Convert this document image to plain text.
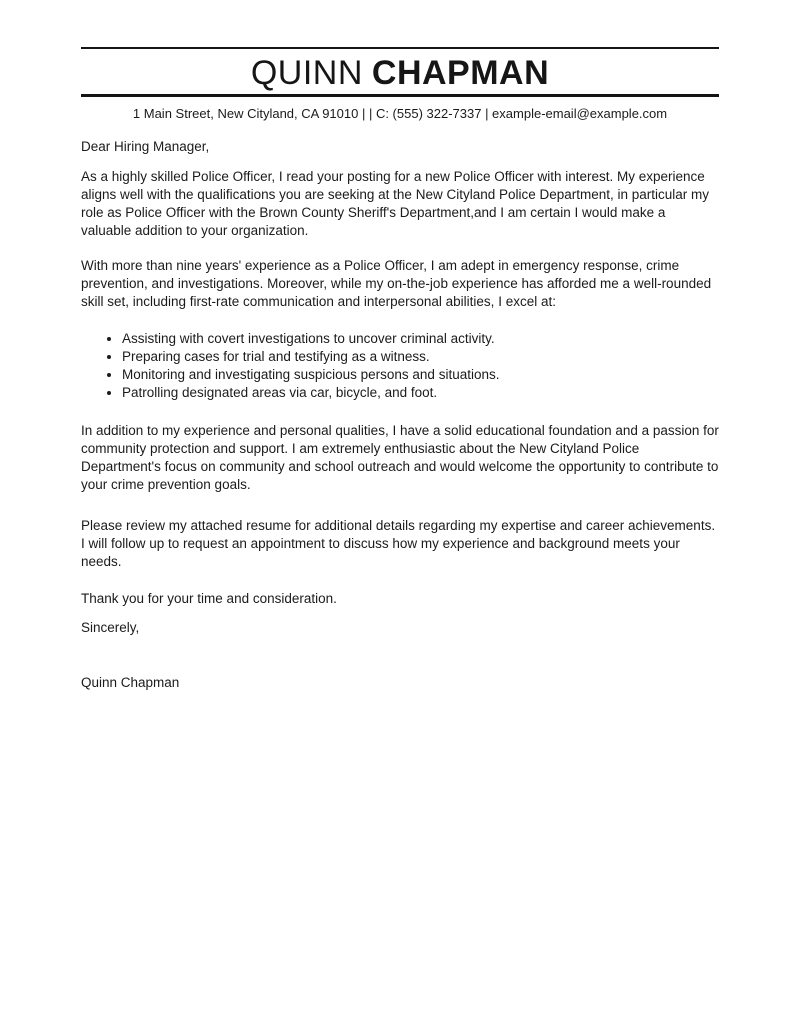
QUINN CHAPMAN
1 Main Street, New Cityland, CA 91010 | | C: (555) 322-7337 | example-email@example.com

Dear Hiring Manager,

As a highly skilled Police Officer, I read your posting for a new Police Officer with interest. My experience aligns well with the qualifications you are seeking at the New Cityland Police Department, in particular my role as Police Officer with the Brown County Sheriff's Department,and I am certain I would make a valuable addition to your organization.

With more than nine years' experience as a Police Officer, I am adept in emergency response, crime prevention, and investigations. Moreover, while my on-the-job experience has afforded me a well-rounded skill set, including first-rate communication and interpersonal abilities, I excel at:

• Assisting with covert investigations to uncover criminal activity.
• Preparing cases for trial and testifying as a witness.
• Monitoring and investigating suspicious persons and situations.
• Patrolling designated areas via car, bicycle, and foot.

In addition to my experience and personal qualities, I have a solid educational foundation and a passion for community protection and support. I am extremely enthusiastic about the New Cityland Police Department's focus on community and school outreach and would welcome the opportunity to contribute to your crime prevention goals.

Please review my attached resume for additional details regarding my expertise and career achievements. I will follow up to request an appointment to discuss how my experience and background meets your needs.

Thank you for your time and consideration.

Sincerely,

Quinn Chapman
